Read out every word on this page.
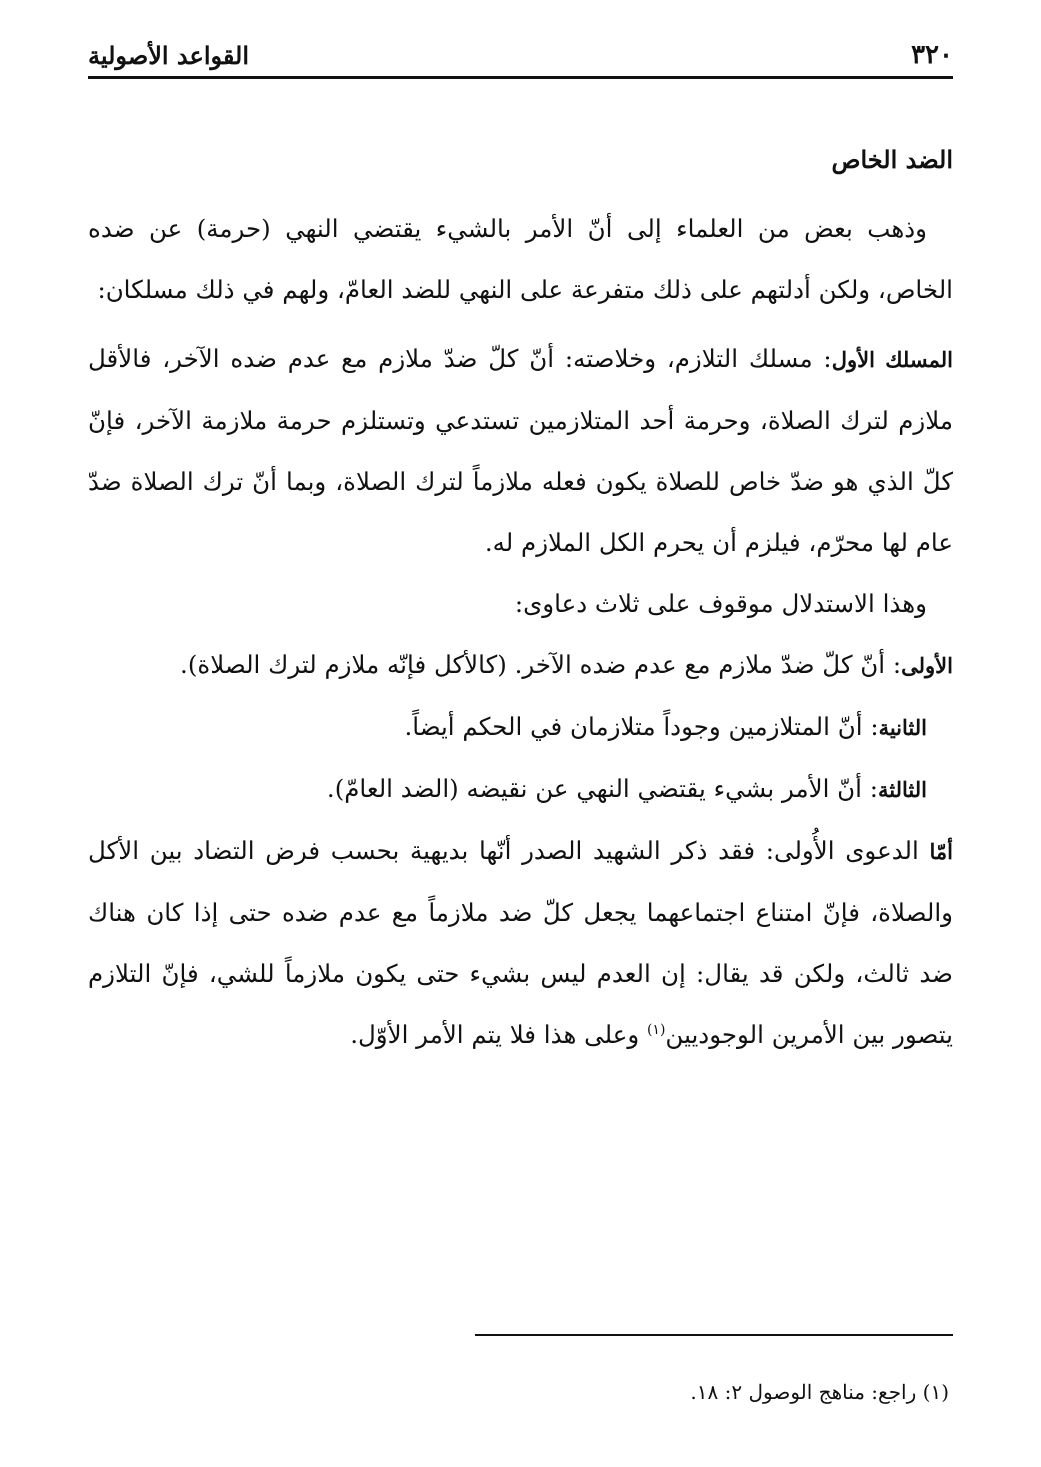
٣٢٠
القواعد الأصولية

الضد الخاص

وذهب بعض من العلماء إلى أنّ الأمر بالشيء يقتضي النهي (حرمة) عن ضده الخاص، ولكن أدلتهم على ذلك متفرعة على النهي للضد العامّ، ولهم في ذلك مسلكان:

المسلك الأول: مسلك التلازم، وخلاصته: أنّ كلّ ضدّ ملازم مع عدم ضده الآخر، فالأقل ملازم لترك الصلاة، وحرمة أحد المتلازمين تستدعي وتستلزم حرمة ملازمة الآخر، فإنّ كلّ الذي هو ضدّ خاص للصلاة يكون فعله ملازماً لترك الصلاة، وبما أنّ ترك الصلاة ضدّ عام لها محرّم، فيلزم أن يحرم الكل الملازم له.

وهذا الاستدلال موقوف على ثلاث دعاوى:

الأولى: أنّ كلّ ضدّ ملازم مع عدم ضده الآخر. (كالأكل فإنّه ملازم لترك الصلاة).

الثانية: أنّ المتلازمين وجوداً متلازمان في الحكم أيضاً.

الثالثة: أنّ الأمر بشيء يقتضي النهي عن نقيضه (الضد العامّ).

أمّا الدعوى الأُولى: فقد ذكر الشهيد الصدر أنّها بديهية بحسب فرض التضاد بين الأكل والصلاة، فإنّ امتناع اجتماعهما يجعل كلّ ضد ملازماً مع عدم ضده حتى إذا كان هناك ضد ثالث، ولكن قد يقال: إن العدم ليس بشيء حتى يكون ملازماً للشي، فإنّ التلازم يتصور بين الأمرين الوجوديين$^{(١)}$ وعلى هذا فلا يتم الأمر الأوّل.

(١) راجع: مناهج الوصول ٢: ١٨.
